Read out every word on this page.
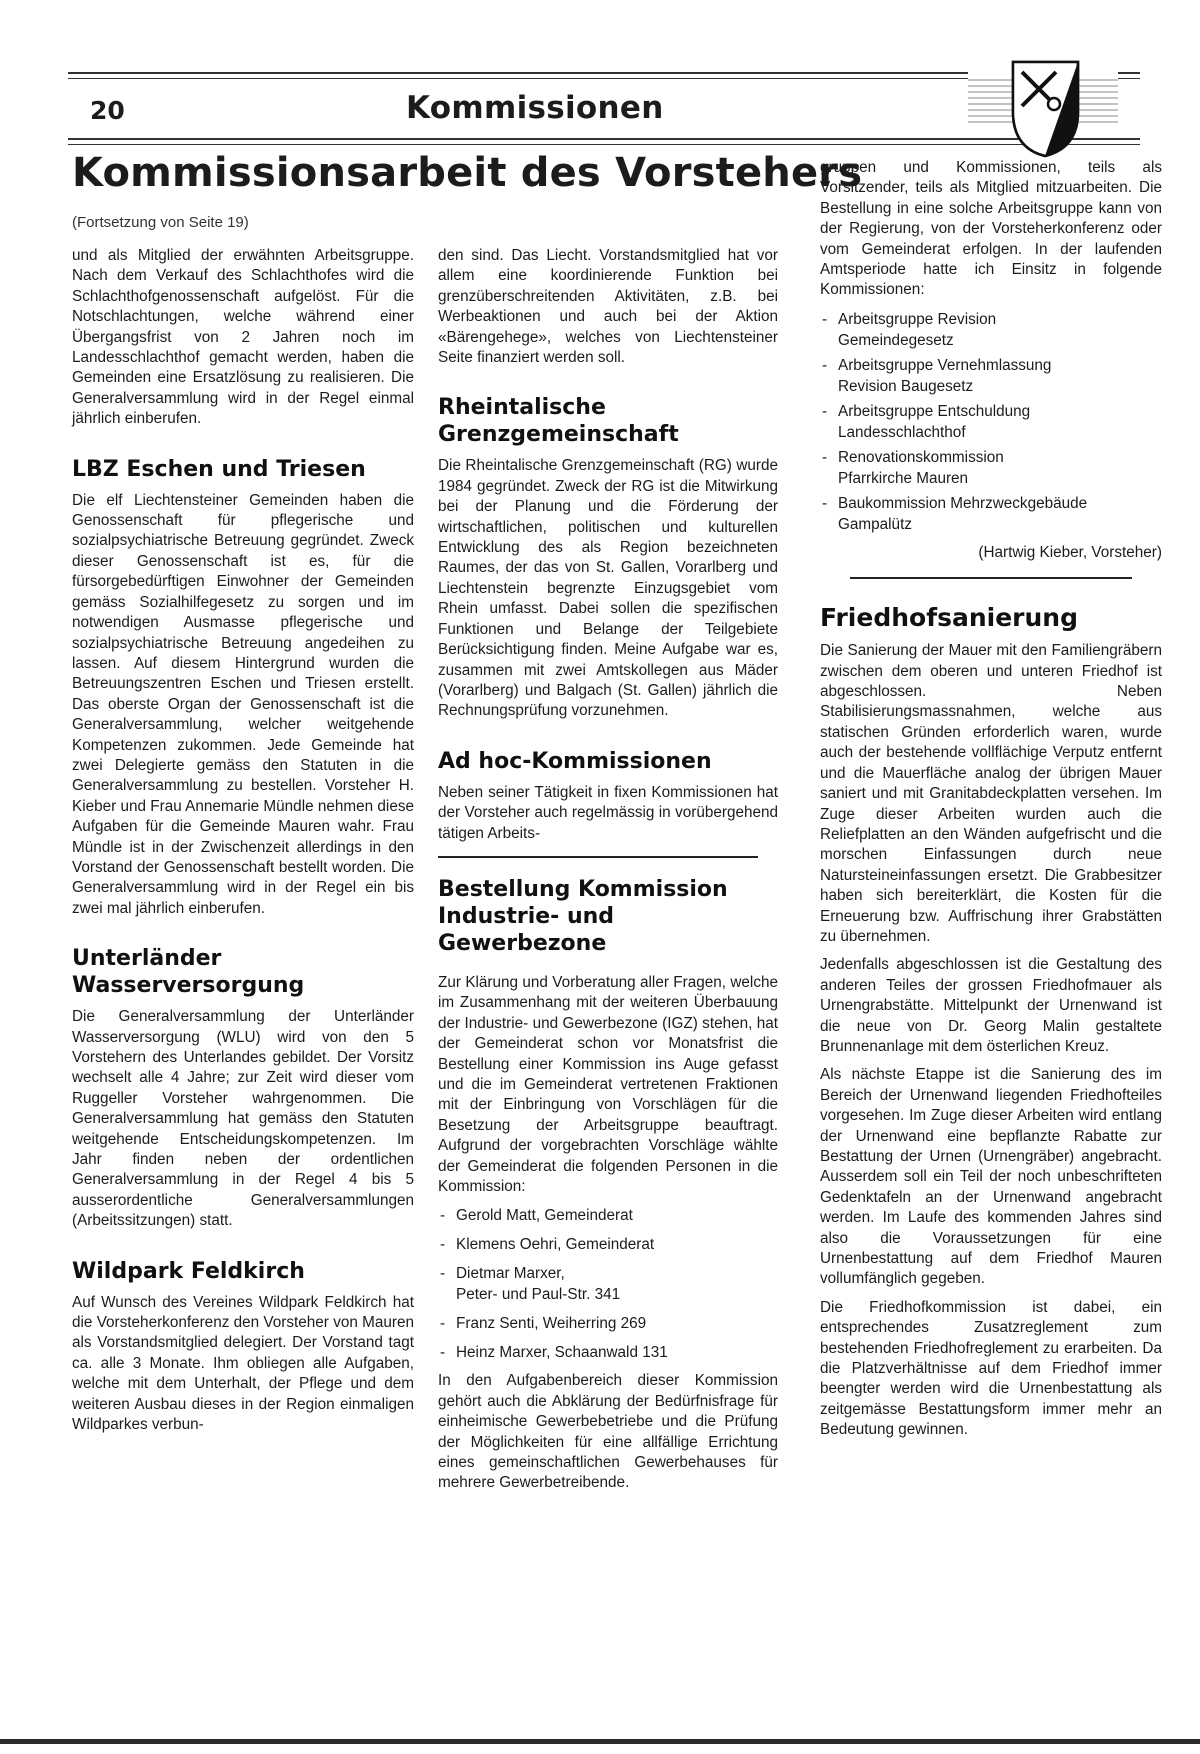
20	Kommissionen
Kommissionsarbeit des Vorstehers
(Fortsetzung von Seite 19)

und als Mitglied der erwähnten Arbeitsgruppe. Nach dem Verkauf des Schlachthofes wird die Schlachthofgenossenschaft aufgelöst. Für die Notschlachtungen, welche während einer Übergangsfrist von 2 Jahren noch im Landesschlachthof gemacht werden, haben die Gemeinden eine Ersatzlösung zu realisieren. Die Generalversammlung wird in der Regel einmal jährlich einberufen.

LBZ Eschen und Triesen

Die elf Liechtensteiner Gemeinden haben die Genossenschaft für pflegerische und sozialpsychiatrische Betreuung gegründet. Zweck dieser Genossenschaft ist es, für die fürsorgebedürftigen Einwohner der Gemeinden gemäss Sozialhilfegesetz zu sorgen und im notwendigen Ausmasse pflegerische und sozialpsychiatrische Betreuung angedeihen zu lassen. Auf diesem Hintergrund wurden die Betreuungszentren Eschen und Triesen erstellt. Das oberste Organ der Genossenschaft ist die Generalversammlung, welcher weitgehende Kompetenzen zukommen. Jede Gemeinde hat zwei Delegierte gemäss den Statuten in die Generalversammlung zu bestellen. Vorsteher H. Kieber und Frau Annemarie Mündle nehmen diese Aufgaben für die Gemeinde Mauren wahr. Frau Mündle ist in der Zwischenzeit allerdings in den Vorstand der Genossenschaft bestellt worden. Die Generalversammlung wird in der Regel ein bis zwei mal jährlich einberufen.

Unterländer Wasserversorgung

Die Generalversammlung der Unterländer Wasserversorgung (WLU) wird von den 5 Vorstehern des Unterlandes gebildet. Der Vorsitz wechselt alle 4 Jahre; zur Zeit wird dieser vom Ruggeller Vorsteher wahrgenommen. Die Generalversammlung hat gemäss den Statuten weitgehende Entscheidungskompetenzen. Im Jahr finden neben der ordentlichen Generalversammlung in der Regel 4 bis 5 ausserordentliche Generalversammlungen (Arbeitssitzungen) statt.

Wildpark Feldkirch

Auf Wunsch des Vereines Wildpark Feldkirch hat die Vorsteherkonferenz den Vorsteher von Mauren als Vorstandsmitglied delegiert. Der Vorstand tagt ca. alle 3 Monate. Ihm obliegen alle Aufgaben, welche mit dem Unterhalt, der Pflege und dem weiteren Ausbau dieses in der Region einmaligen Wildparkes verbun-

den sind. Das Liecht. Vorstandsmitglied hat vor allem eine koordinierende Funktion bei grenzüberschreitenden Aktivitäten, z.B. bei Werbeaktionen und auch bei der Aktion «Bärengehege», welches von Liechtensteiner Seite finanziert werden soll.

Rheintalische Grenzgemeinschaft

Die Rheintalische Grenzgemeinschaft (RG) wurde 1984 gegründet. Zweck der RG ist die Mitwirkung bei der Planung und die Förderung der wirtschaftlichen, politischen und kulturellen Entwicklung des als Region bezeichneten Raumes, der das von St. Gallen, Vorarlberg und Liechtenstein begrenzte Einzugsgebiet vom Rhein umfasst. Dabei sollen die spezifischen Funktionen und Belange der Teilgebiete Berücksichtigung finden. Meine Aufgabe war es, zusammen mit zwei Amtskollegen aus Mäder (Vorarlberg) und Balgach (St. Gallen) jährlich die Rechnungsprüfung vorzunehmen.

Ad hoc-Kommissionen

Neben seiner Tätigkeit in fixen Kommissionen hat der Vorsteher auch regelmässig in vorübergehend tätigen Arbeits-

Bestellung Kommission Industrie- und Gewerbezone

Zur Klärung und Vorberatung aller Fragen, welche im Zusammenhang mit der weiteren Überbauung der Industrie- und Gewerbezone (IGZ) stehen, hat der Gemeinderat schon vor Monatsfrist die Bestellung einer Kommission ins Auge gefasst und die im Gemeinderat vertretenen Fraktionen mit der Einbringung von Vorschlägen für die Besetzung der Arbeitsgruppe beauftragt. Aufgrund der vorgebrachten Vorschläge wählte der Gemeinderat die folgenden Personen in die Kommission:

- Gerold Matt, Gemeinderat
- Klemens Oehri, Gemeinderat
- Dietmar Marxer,
Peter- und Paul-Str. 341
- Franz Senti, Weiherring 269
- Heinz Marxer, Schaanwald 131

In den Aufgabenbereich dieser Kommission gehört auch die Abklärung der Bedürfnisfrage für einheimische Gewerbebetriebe und die Prüfung der Möglichkeiten für eine allfällige Errichtung eines gemeinschaftlichen Gewerbehauses für mehrere Gewerbetreibende.

gruppen und Kommissionen, teils als Vorsitzender, teils als Mitglied mitzuarbeiten. Die Bestellung in eine solche Arbeitsgruppe kann von der Regierung, von der Vorsteherkonferenz oder vom Gemeinderat erfolgen. In der laufenden Amtsperiode hatte ich Einsitz in folgende Kommissionen:

- Arbeitsgruppe Revision
Gemeindegesetz
- Arbeitsgruppe Vernehmlassung
Revision Baugesetz
- Arbeitsgruppe Entschuldung
Landesschlachthof
- Renovationskommission
Pfarrkirche Mauren
- Baukommission Mehrzweckgebäude
Gampalütz
(Hartwig Kieber, Vorsteher)
Friedhofsanierung

Die Sanierung der Mauer mit den Familiengräbern zwischen dem oberen und unteren Friedhof ist abgeschlossen. Neben Stabilisierungsmassnahmen, welche aus statischen Gründen erforderlich waren, wurde auch der bestehende vollflächige Verputz entfernt und die Mauerfläche analog der übrigen Mauer saniert und mit Granitabdeckplatten versehen. Im Zuge dieser Arbeiten wurden auch die Reliefplatten an den Wänden aufgefrischt und die morschen Einfassungen durch neue Natursteineinfassungen ersetzt. Die Grabbesitzer haben sich bereiterklärt, die Kosten für die Erneuerung bzw. Auffrischung ihrer Grabstätten zu übernehmen.

Jedenfalls abgeschlossen ist die Gestaltung des anderen Teiles der grossen Friedhofmauer als Urnengrabstätte. Mittelpunkt der Urnenwand ist die neue von Dr. Georg Malin gestaltete Brunnenanlage mit dem österlichen Kreuz.

Als nächste Etappe ist die Sanierung des im Bereich der Urnenwand liegenden Friedhofteiles vorgesehen. Im Zuge dieser Arbeiten wird entlang der Urnenwand eine bepflanzte Rabatte zur Bestattung der Urnen (Urnengräber) angebracht. Ausserdem soll ein Teil der noch unbeschrifteten Gedenktafeln an der Urnenwand angebracht werden. Im Laufe des kommenden Jahres sind also die Voraussetzungen für eine Urnenbestattung auf dem Friedhof Mauren vollumfänglich gegeben.

Die Friedhofkommission ist dabei, ein entsprechendes Zusatzreglement zum bestehenden Friedhofreglement zu erarbeiten. Da die Platzverhältnisse auf dem Friedhof immer beengter werden wird die Urnenbestattung als zeitgemässe Bestattungsform immer mehr an Bedeutung gewinnen.
